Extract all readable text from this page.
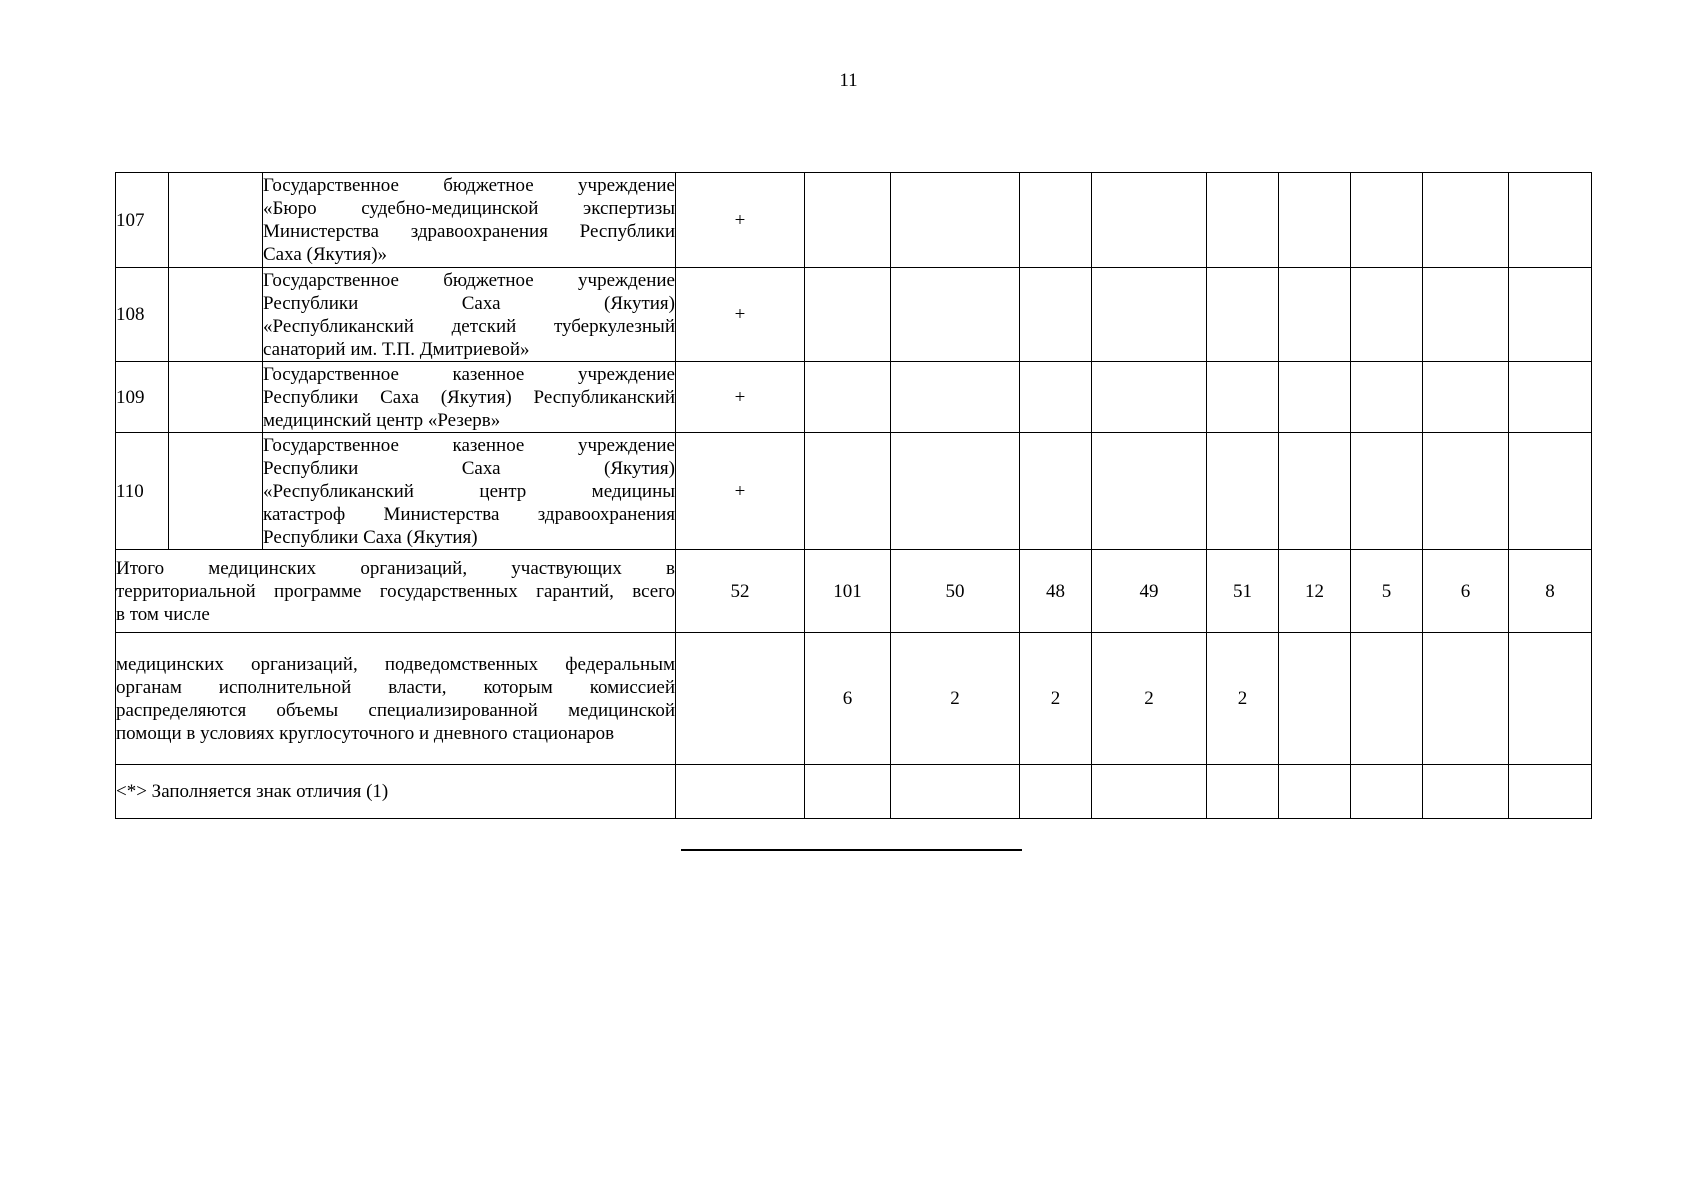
11
107		Государственное бюджетное учреждение
«Бюро судебно-медицинской экспертизы
Министерства здравоохранения Республики
Саха (Якутия)»	+									
108		Государственное бюджетное учреждение
Республики Саха (Якутия)
«Республиканский детский туберкулезный
санаторий им. Т.П. Дмитриевой»	+									
109		Государственное казенное учреждение
Республики Саха (Якутия) Республиканский
медицинский центр «Резерв»	+									
110		Государственное казенное учреждение
Республики Саха (Якутия)
«Республиканский центр медицины
катастроф Министерства здравоохранения
Республики Саха (Якутия)	+									

Итого медицинских организаций, участвующих в
территориальной программе государственных гарантий, всего
в том числе			52	101	50	48	49	51	12	5	6	8

медицинских организаций, подведомственных федеральным
органам исполнительной власти, которым комиссией
распределяются объемы специализированной медицинской
помощи в условиях круглосуточного и дневного стационаров				6	2	2	2	2				
<*> Заполняется знак отличия (1)												
